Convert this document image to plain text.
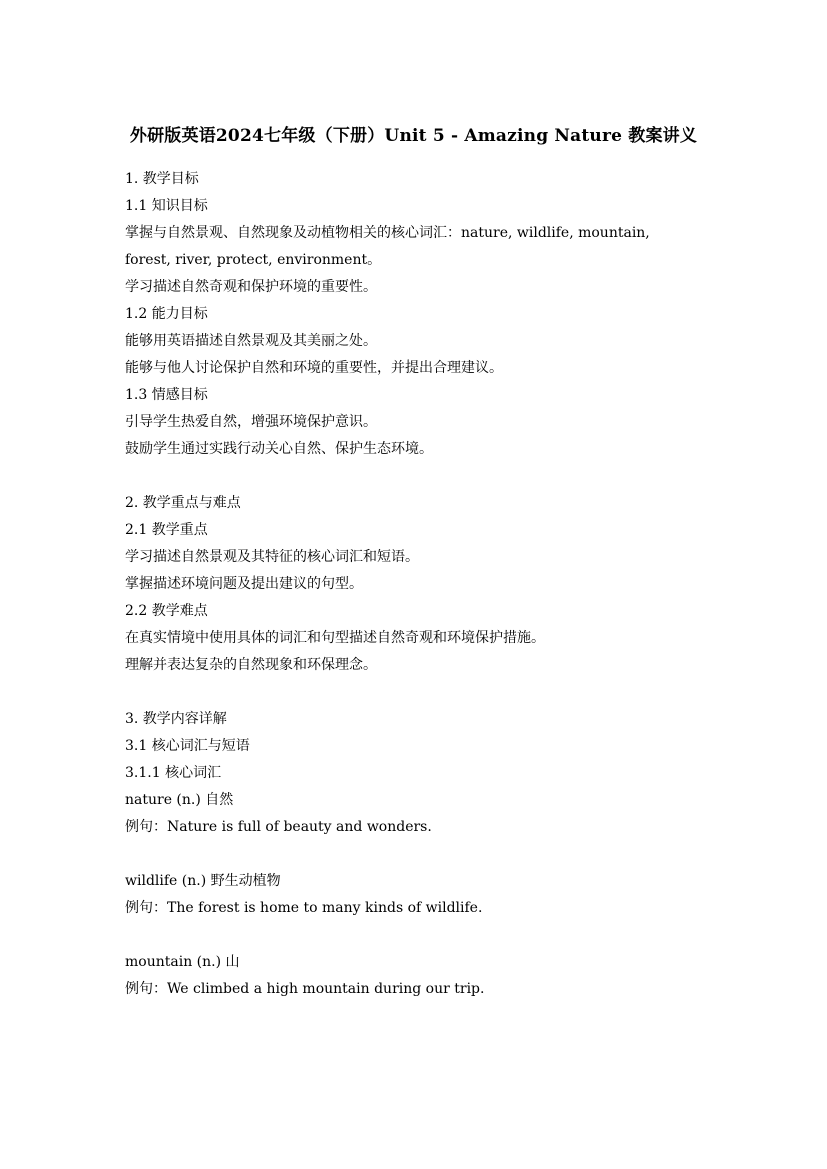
外研版英语2024七年级（下册）Unit 5 - Amazing Nature 教案讲义

1. 教学目标

1.1 知识目标

掌握与自然景观、自然现象及动植物相关的核心词汇：nature, wildlife, mountain,

forest, river, protect, environment。

学习描述自然奇观和保护环境的重要性。

1.2 能力目标

能够用英语描述自然景观及其美丽之处。

能够与他人讨论保护自然和环境的重要性，并提出合理建议。

1.3 情感目标

引导学生热爱自然，增强环境保护意识。

鼓励学生通过实践行动关心自然、保护生态环境。

2. 教学重点与难点

2.1 教学重点

学习描述自然景观及其特征的核心词汇和短语。

掌握描述环境问题及提出建议的句型。

2.2 教学难点

在真实情境中使用具体的词汇和句型描述自然奇观和环境保护措施。

理解并表达复杂的自然现象和环保理念。

3. 教学内容详解

3.1 核心词汇与短语

3.1.1 核心词汇

nature (n.) 自然

例句：Nature is full of beauty and wonders.

wildlife (n.) 野生动植物

例句：The forest is home to many kinds of wildlife.

mountain (n.) 山

例句：We climbed a high mountain during our trip.
